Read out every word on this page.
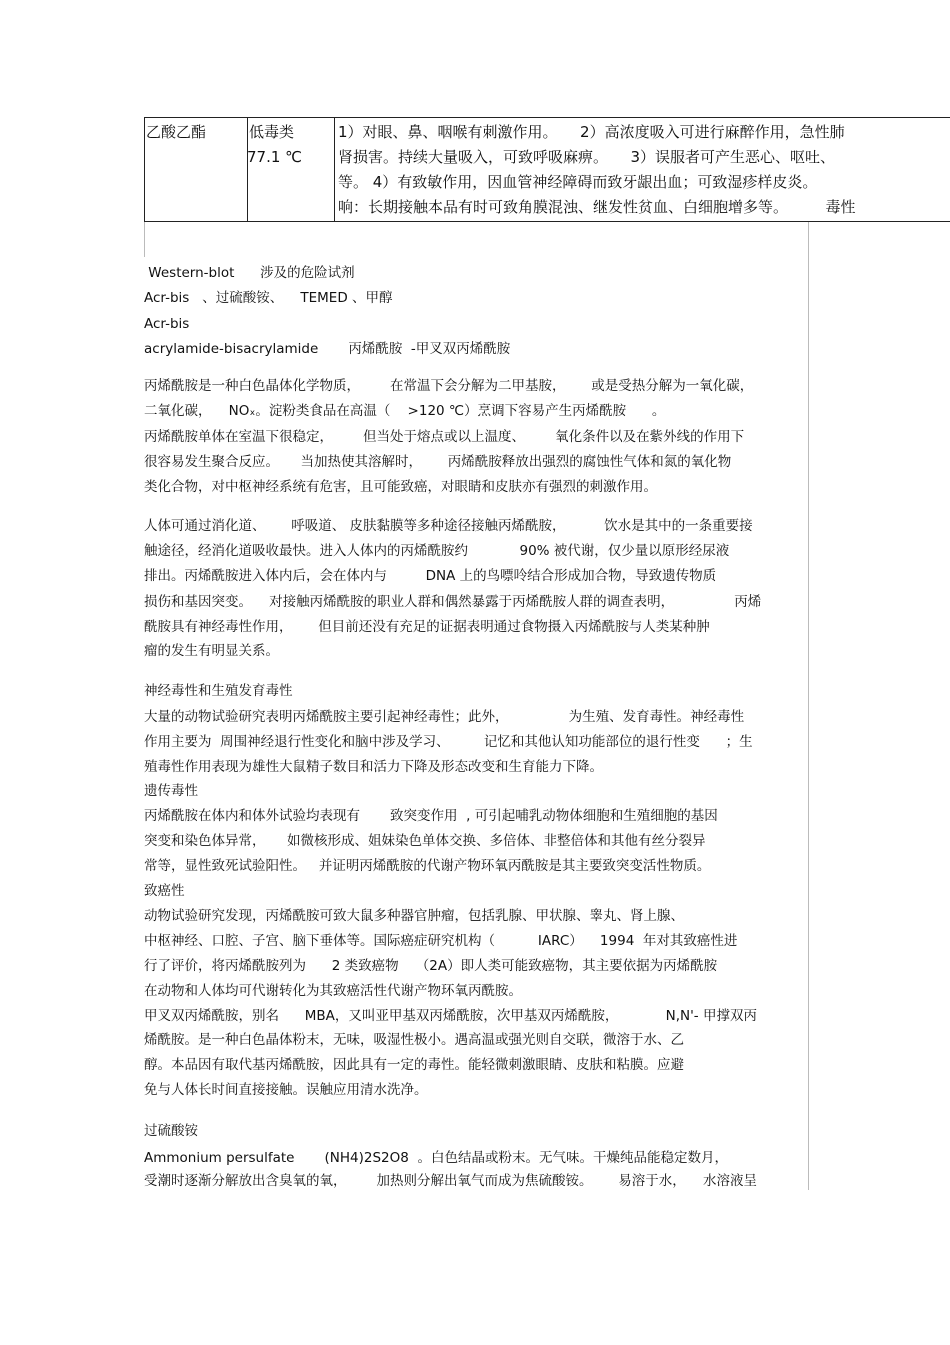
乙酸乙酯	低毒类
77.1 ℃
1）对眼、鼻、咽喉有刺激作用。　　2）高浓度吸入可进行麻醉作用，急性肺
肾损害。持续大量吸入，可致呼吸麻痹。　　3）误服者可产生恶心、呕吐、
等。 4）有致敏作用，因血管神经障碍而致牙龈出血；可致湿疹样皮炎。
响：长期接触本品有时可致角膜混浊、继发性贫血、白细胞增多等。　　　毒性
Western-blot      涉及的危险试剂
Acr-bis   、过硫酸铵、    TEMED 、甲醇
Acr-bis
acrylamide-bisacrylamide       丙烯酰胺  -甲叉双丙烯酰胺
丙烯酰胺是一种白色晶体化学物质，       在常温下会分解为二甲基胺，      或是受热分解为一氧化碳，
二氧化碳，    NOₓ。淀粉类食品在高温（    >120 ℃）烹调下容易产生丙烯酰胺      。
丙烯酰胺单体在室温下很稳定，       但当处于熔点或以上温度、       氧化条件以及在紫外线的作用下
很容易发生聚合反应。     当加热使其溶解时，      丙烯酰胺释放出强烈的腐蚀性气体和氮的氧化物
类化合物，对中枢神经系统有危害，且可能致癌，对眼睛和皮肤亦有强烈的刺激作用。
人体可通过消化道、      呼吸道、 皮肤黏膜等多种途径接触丙烯酰胺，         饮水是其中的一条重要接
触途径，经消化道吸收最快。进入人体内的丙烯酰胺约            90% 被代谢，仅少量以原形经尿液
排出。丙烯酰胺进入体内后，会在体内与         DNA 上的鸟嘌呤结合形成加合物，导致遗传物质
损伤和基因突变。    对接触丙烯酰胺的职业人群和偶然暴露于丙烯酰胺人群的调查表明，              丙烯
酰胺具有神经毒性作用，      但目前还没有充足的证据表明通过食物摄入丙烯酰胺与人类某种肿
瘤的发生有明显关系。
神经毒性和生殖发育毒性
大量的动物试验研究表明丙烯酰胺主要引起神经毒性；此外，              为生殖、发育毒性。神经毒性
作用主要为  周围神经退行性变化和脑中涉及学习、        记忆和其他认知功能部位的退行性变      ；生
殖毒性作用表现为雄性大鼠精子数目和活力下降及形态改变和生育能力下降。
遗传毒性
丙烯酰胺在体内和体外试验均表现有       致突变作用  , 可引起哺乳动物体细胞和生殖细胞的基因
突变和染色体异常，     如微核形成、姐妹染色单体交换、多倍体、非整倍体和其他有丝分裂异
常等，显性致死试验阳性。   并证明丙烯酰胺的代谢产物环氧丙酰胺是其主要致突变活性物质。
致癌性
动物试验研究发现，丙烯酰胺可致大鼠多种器官肿瘤，包括乳腺、甲状腺、睾丸、肾上腺、
中枢神经、口腔、子宫、脑下垂体等。国际癌症研究机构（          IARC）    1994  年对其致癌性进
行了评价，将丙烯酰胺列为      2 类致癌物    （2A）即人类可能致癌物，其主要依据为丙烯酰胺
在动物和人体均可代谢转化为其致癌活性代谢产物环氧丙酰胺。
甲叉双丙烯酰胺，别名      MBA，又叫亚甲基双丙烯酰胺，次甲基双丙烯酰胺，           N,N'- 甲撑双丙
烯酰胺。是一种白色晶体粉末，无味，吸湿性极小。遇高温或强光则自交联，微溶于水、乙
醇。本品因有取代基丙烯酰胺，因此具有一定的毒性。能轻微刺激眼睛、皮肤和粘膜。应避
免与人体长时间直接接触。误触应用清水洗净。
过硫酸铵
Ammonium persulfate       (NH4)2S2O8  。白色结晶或粉末。无气味。干燥纯品能稳定数月，
受潮时逐渐分解放出含臭氧的氧，       加热则分解出氧气而成为焦硫酸铵。      易溶于水，    水溶液呈
